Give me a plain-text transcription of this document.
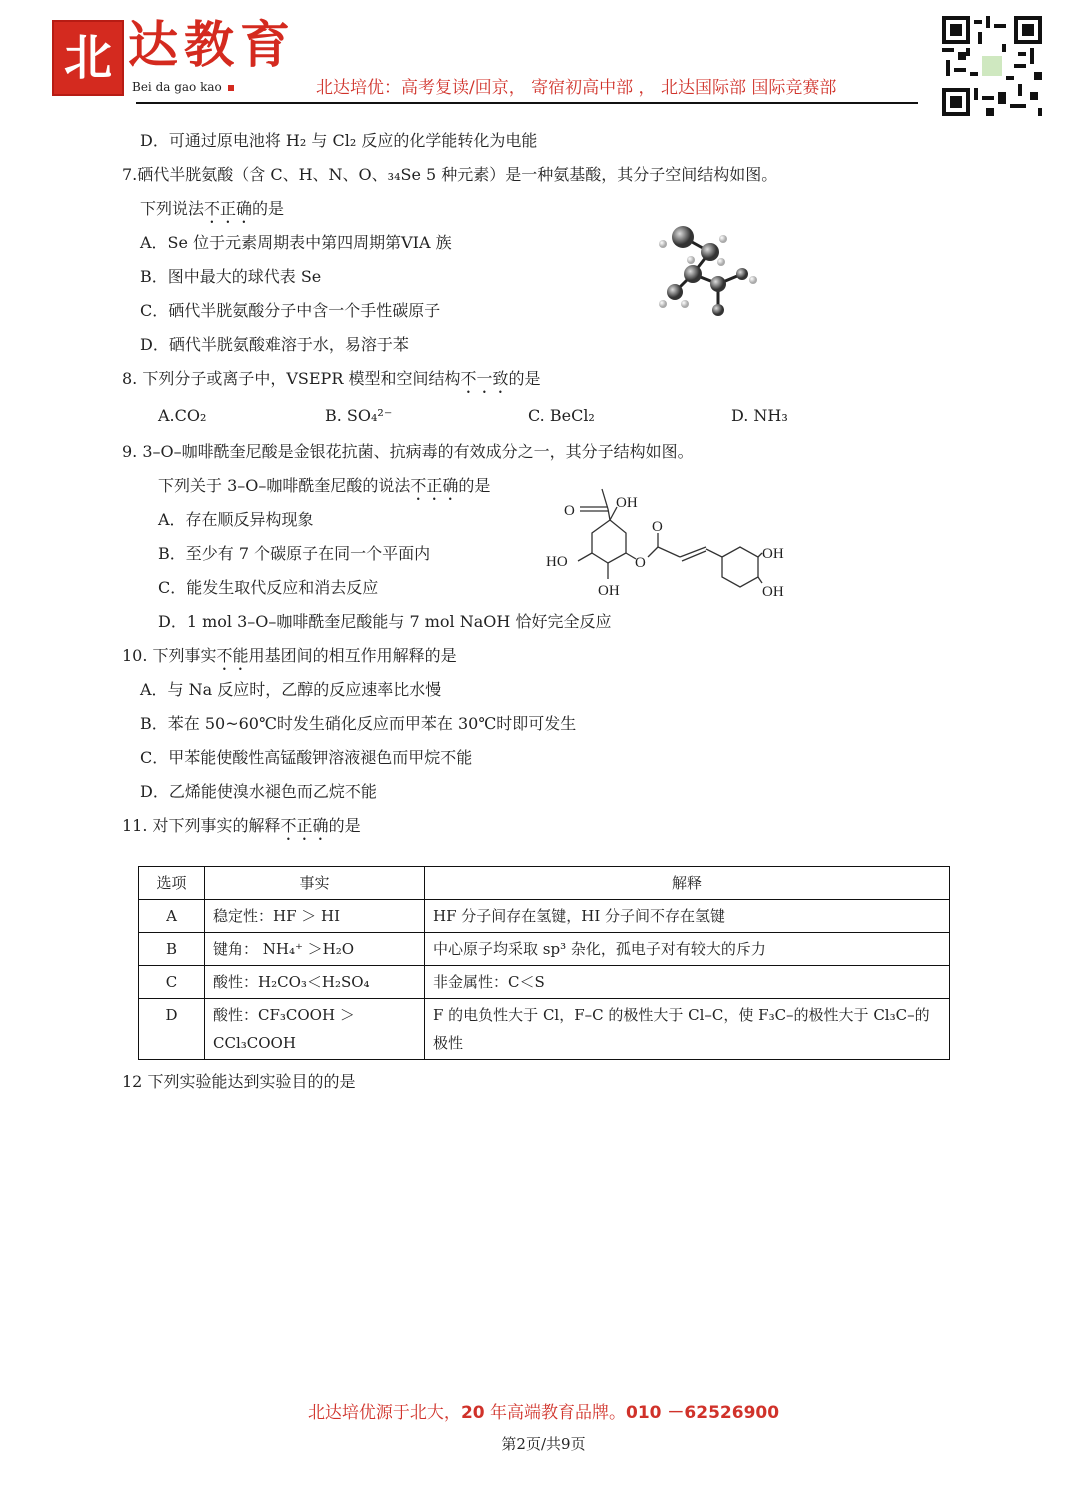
北 达教育
Bei da gao kao	北达培优：高考复读/回京， 寄宿初高中部 ， 北达国际部 国际竞赛部
D．可通过原电池将 H₂ 与 Cl₂ 反应的化学能转化为电能
7.硒代半胱氨酸（含 C、H、N、O、₃₄Se 5 种元素）是一种氨基酸，其分子空间结构如图。
下列说法不正确的是
A．Se 位于元素周期表中第四周期第VIA 族
B．图中最大的球代表 Se
C．硒代半胱氨酸分子中含一个手性碳原子
D．硒代半胱氨酸难溶于水，易溶于苯
8. 下列分子或离子中，VSEPR 模型和空间结构不一致的是
A.CO₂	B. SO₄²⁻	C. BeCl₂	D. NH₃
9. 3–O–咖啡酰奎尼酸是金银花抗菌、抗病毒的有效成分之一，其分子结构如图。
下列关于 3–O–咖啡酰奎尼酸的说法不正确的是
A．存在顺反异构现象
B．至少有 7 个碳原子在同一个平面内
C．能发生取代反应和消去反应
D．1 mol 3–O–咖啡酰奎尼酸能与 7 mol NaOH 恰好完全反应
O	OH
O
HO	O
OH
OH
OH
10. 下列事实不能用基团间的相互作用解释的是
A．与 Na 反应时，乙醇的反应速率比水慢
B．苯在 50~60℃时发生硝化反应而甲苯在 30℃时即可发生
C．甲苯能使酸性高锰酸钾溶液褪色而甲烷不能
D．乙烯能使溴水褪色而乙烷不能
11. 对下列事实的解释不正确的是
选项	事实	解释
A	稳定性：HF ＞ HI	HF 分子间存在氢键，HI 分子间不存在氢键
B	键角： NH₄⁺ ＞H₂O	中心原子均采取 sp³ 杂化，孤电子对有较大的斥力
C	酸性：H₂CO₃＜H₂SO₄	非金属性：C＜S
D	酸性：CF₃COOH ＞ CCl₃COOH	F 的电负性大于 Cl，F–C 的极性大于 Cl–C，使 F₃C–的极性大于 Cl₃C–的极性
12 下列实验能达到实验目的的是
北达培优源于北大，20 年高端教育品牌。010 －62526900
第2页/共9页
